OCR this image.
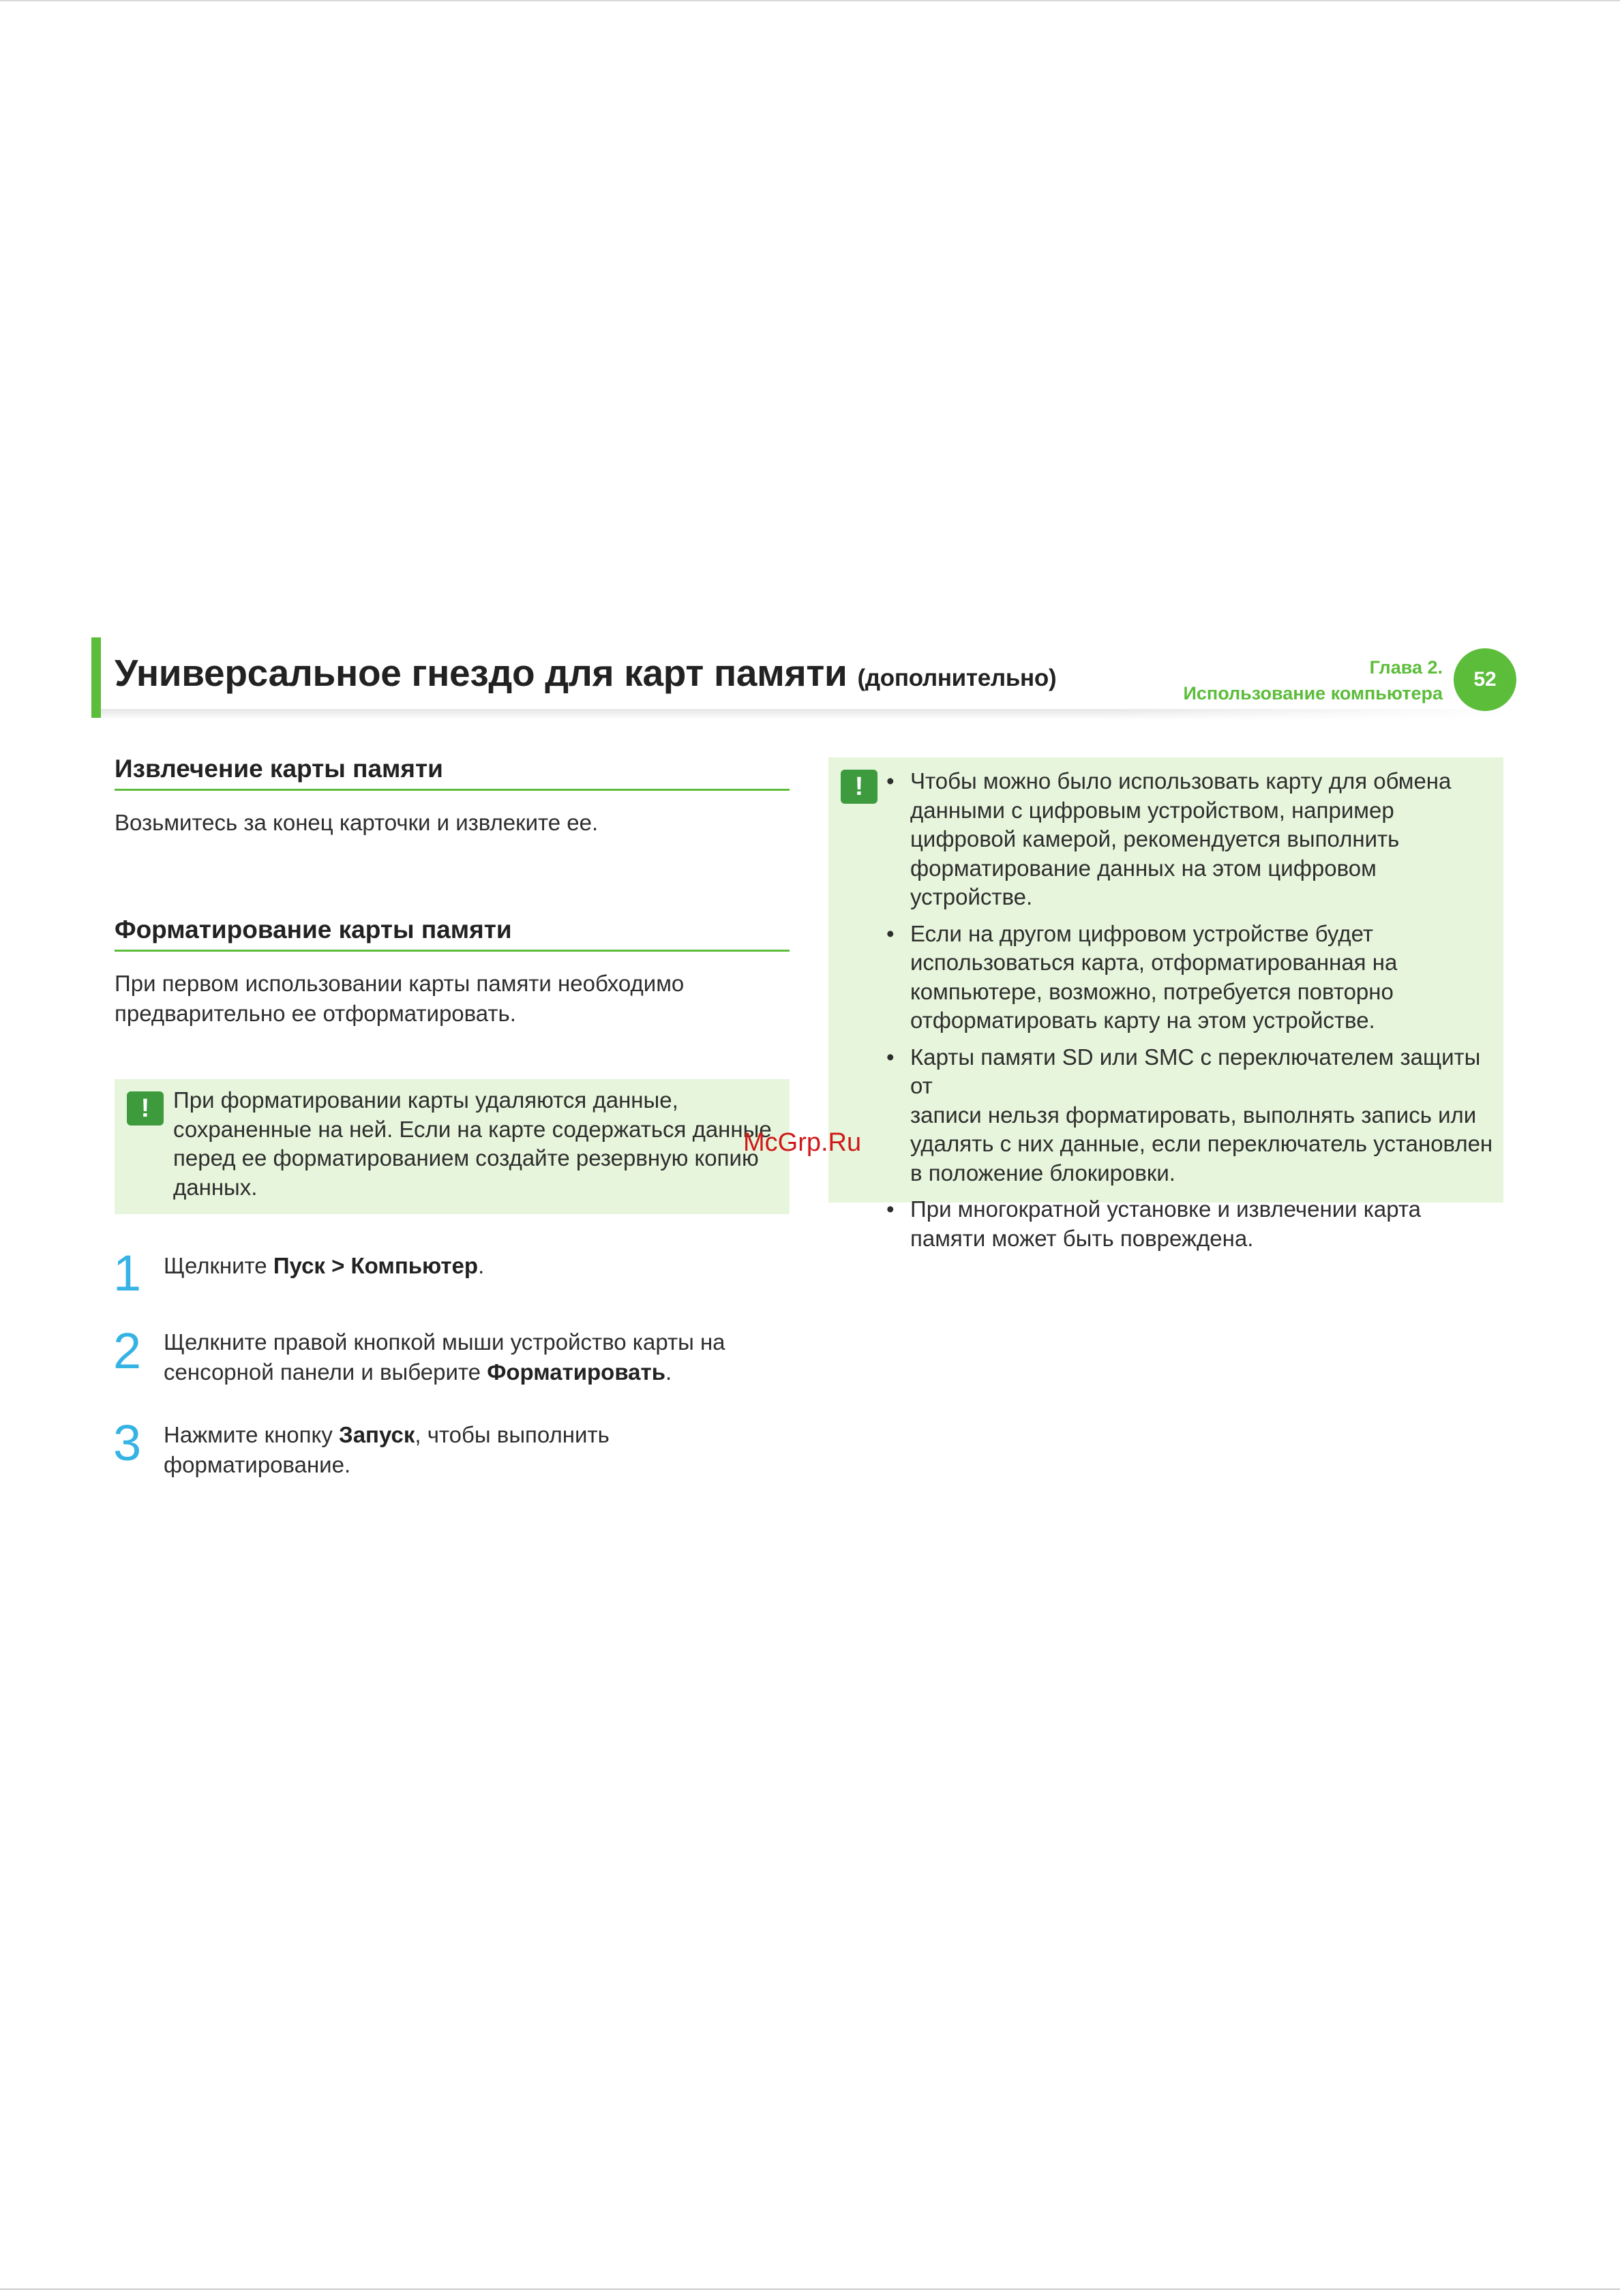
Универсальное гнездо для карт памяти (дополнительно)	Глава 2.
Использование компьютера
52
Извлечение карты памяти
Возьмитесь за конец карточки и извлеките ее.
Форматирование карты памяти
При первом использовании карты памяти необходимо
предварительно ее отформатировать.
!	При форматировании карты удаляются данные,
сохраненные на ней. Если на карте содержаться данные
перед ее форматированием создайте резервную копию
данных.
1 Щелкните Пуск > Компьютер.
2 Щелкните правой кнопкой мыши устройство карты на
сенсорной панели и выберите Форматировать.
3 Нажмите кнопку Запуск, чтобы выполнить
форматирование.
!	• Чтобы можно было использовать карту для обмена
данными с цифровым устройством, например
цифровой камерой, рекомендуется выполнить
форматирование данных на этом цифровом устройстве.
• Если на другом цифровом устройстве будет
использоваться карта, отформатированная на
компьютере, возможно, потребуется повторно
отформатировать карту на этом устройстве.
• Карты памяти SD или SMC с переключателем защиты от
записи нельзя форматировать, выполнять запись или
удалять с них данные, если переключатель установлен
в положение блокировки.
• При многократной установке и извлечении карта
памяти может быть повреждена.
McGrp.Ru
